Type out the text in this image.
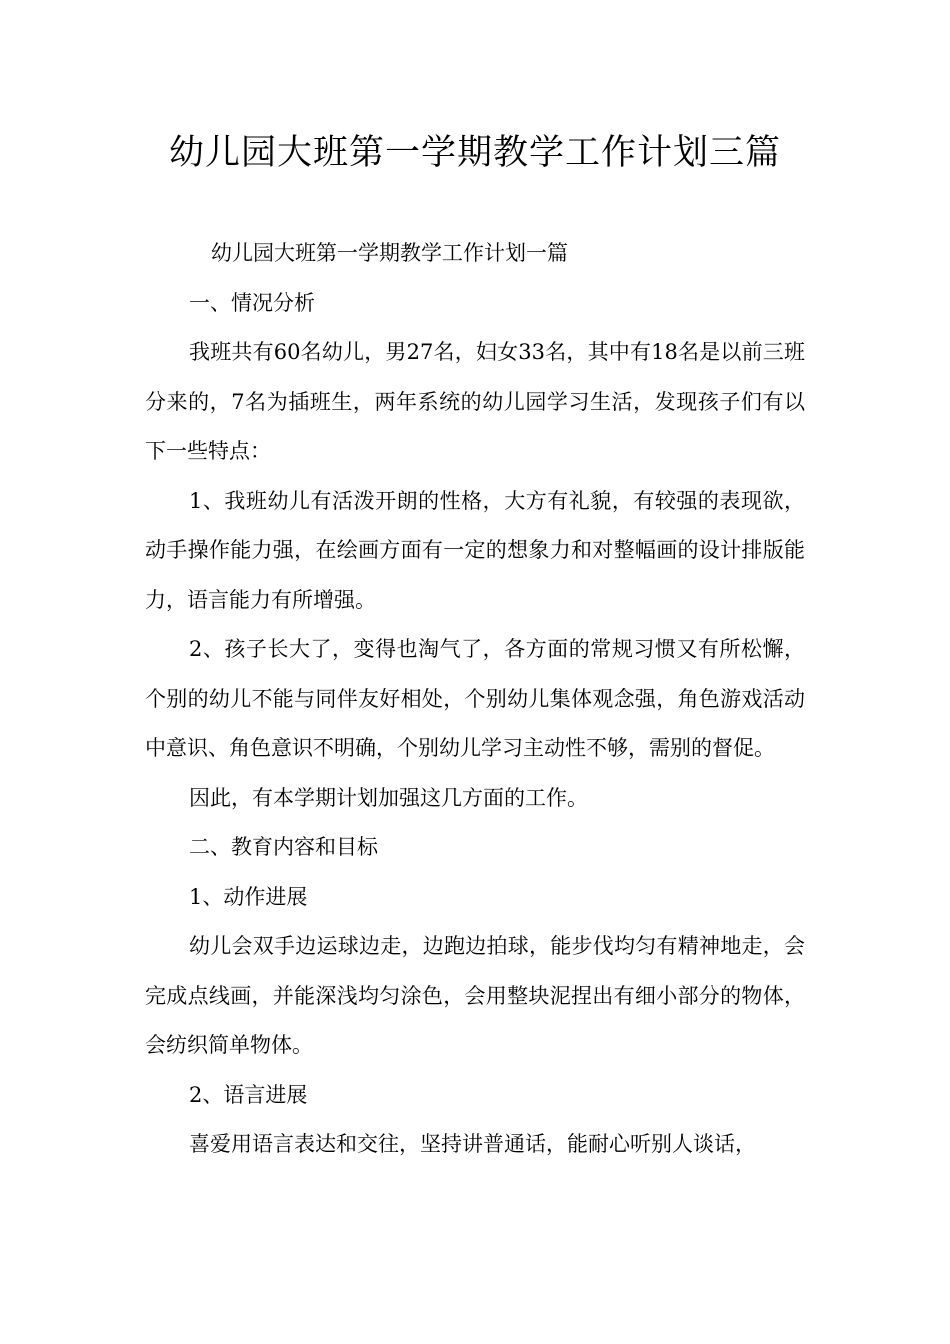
幼儿园大班第一学期教学工作计划三篇

幼儿园大班第一学期教学工作计划一篇

一、情况分析

我班共有60名幼儿，男27名，妇女33名，其中有18名是以前三班分来的，7名为插班生，两年系统的幼儿园学习生活，发现孩子们有以下一些特点：

1、我班幼儿有活泼开朗的性格，大方有礼貌，有较强的表现欲，动手操作能力强，在绘画方面有一定的想象力和对整幅画的设计排版能力，语言能力有所增强。

2、孩子长大了，变得也淘气了，各方面的常规习惯又有所松懈，个别的幼儿不能与同伴友好相处，个别幼儿集体观念强，角色游戏活动中意识、角色意识不明确，个别幼儿学习主动性不够，需别的督促。

因此，有本学期计划加强这几方面的工作。

二、教育内容和目标

1、动作进展

幼儿会双手边运球边走，边跑边拍球，能步伐均匀有精神地走，会完成点线画，并能深浅均匀涂色，会用整块泥捏出有细小部分的物体，会纺织简单物体。

2、语言进展

喜爱用语言表达和交往，坚持讲普通话，能耐心听别人谈话，
